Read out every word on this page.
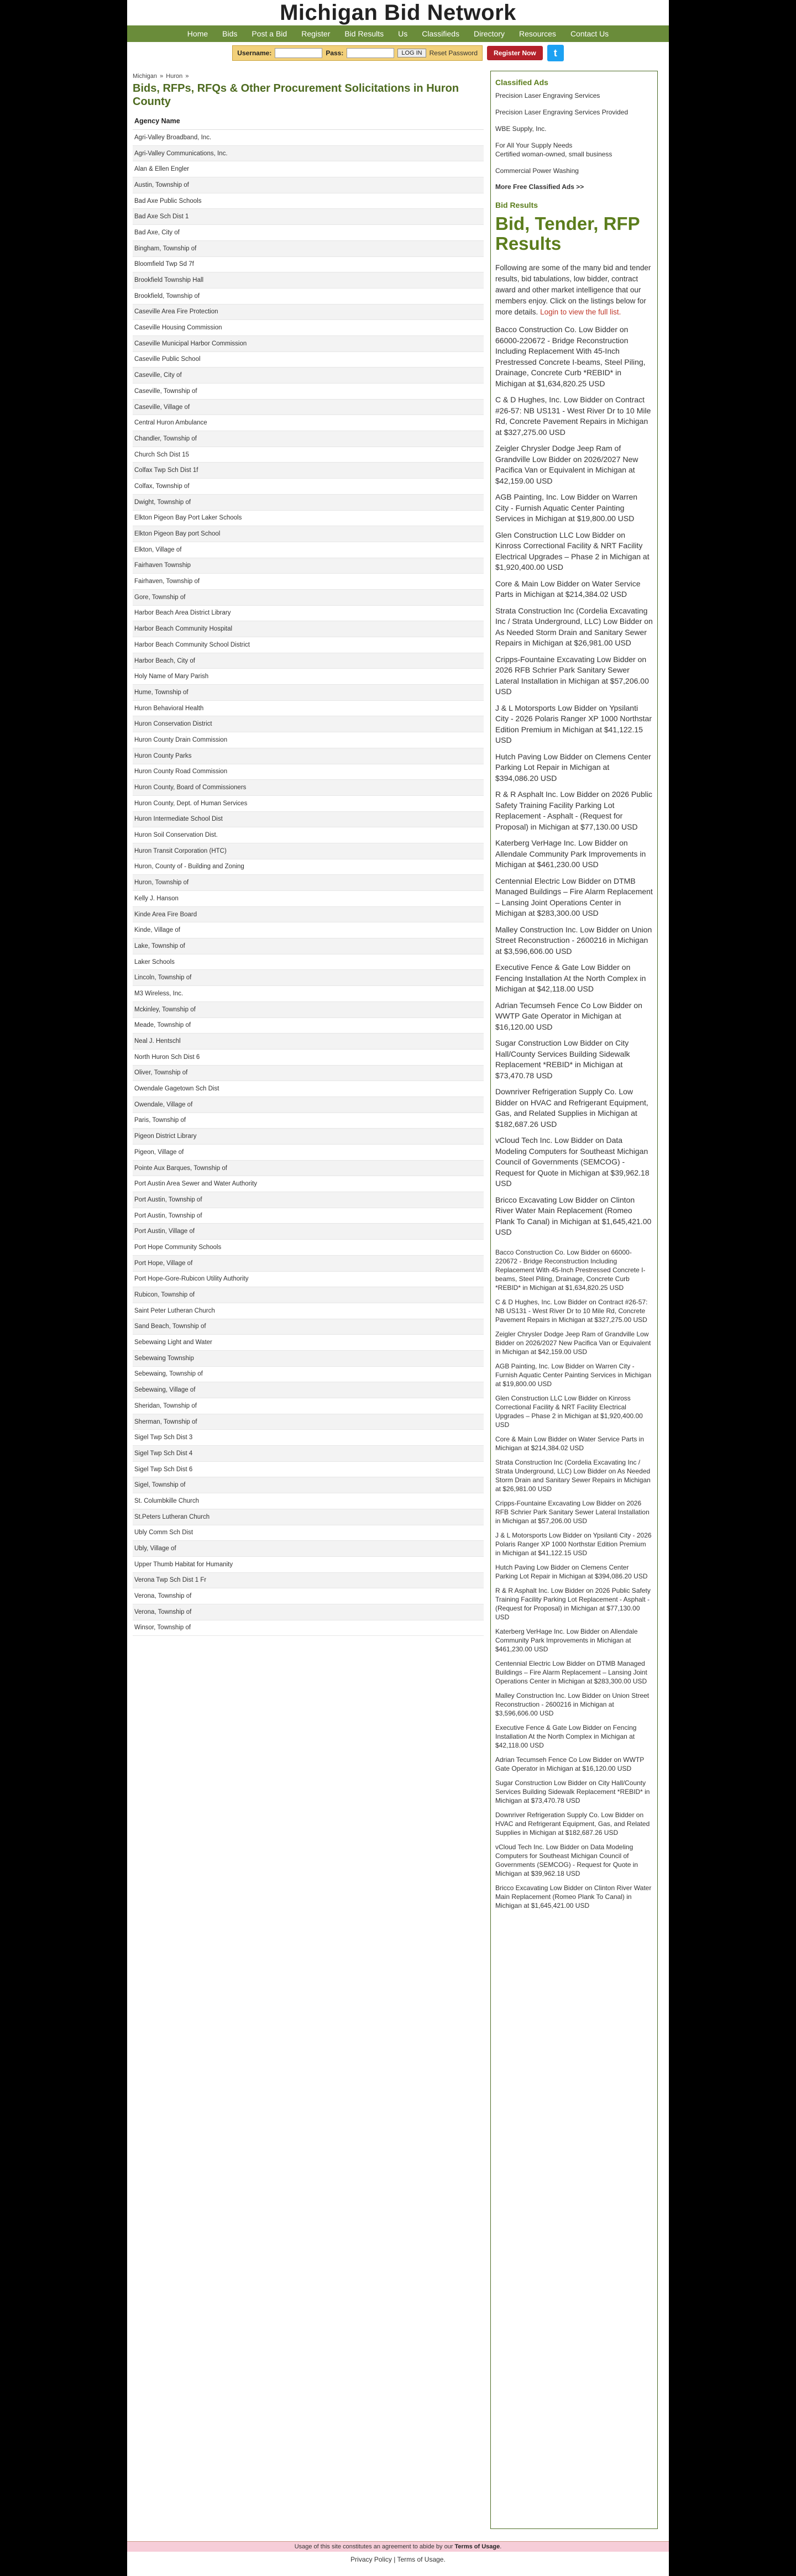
Michigan Bid Network
Home Bids Post a Bid Register Bid Results Us Classifieds Directory Resources Contact Us
Username:	Pass:	LOG IN	Reset Password	Register Now	t
Michigan » Huron »
Bids, RFPs, RFQs & Other Procurement Solicitations in Huron County
Agency Name
Agri-Valley Broadband, Inc.
Agri-Valley Communications, Inc.
Alan & Ellen Engler
Austin, Township of
Bad Axe Public Schools
Bad Axe Sch Dist 1
Bad Axe, City of
Bingham, Township of
Bloomfield Twp Sd 7f
Brookfield Township Hall
Brookfield, Township of
Caseville Area Fire Protection
Caseville Housing Commission
Caseville Municipal Harbor Commission
Caseville Public School
Caseville, City of
Caseville, Township of
Caseville, Village of
Central Huron Ambulance
Chandler, Township of
Church Sch Dist 15
Colfax Twp Sch Dist 1f
Colfax, Township of
Dwight, Township of
Elkton Pigeon Bay Port Laker Schools
Elkton Pigeon Bay port School
Elkton, Village of
Fairhaven Township
Fairhaven, Township of
Gore, Township of
Harbor Beach Area District Library
Harbor Beach Community Hospital
Harbor Beach Community School District
Harbor Beach, City of
Holy Name of Mary Parish
Hume, Township of
Huron Behavioral Health
Huron Conservation District
Huron County Drain Commission
Huron County Parks
Huron County Road Commission
Huron County, Board of Commissioners
Huron County, Dept. of Human Services
Huron Intermediate School Dist
Huron Soil Conservation Dist.
Huron Transit Corporation (HTC)
Huron, County of - Building and Zoning
Huron, Township of
Kelly J. Hanson
Kinde Area Fire Board
Kinde, Village of
Lake, Township of
Laker Schools
Lincoln, Township of
M3 Wireless, Inc.
Mckinley, Township of
Meade, Township of
Neal J. Hentschl
North Huron Sch Dist 6
Oliver, Township of
Owendale Gagetown Sch Dist
Owendale, Village of
Paris, Township of
Pigeon District Library
Pigeon, Village of
Pointe Aux Barques, Township of
Port Austin Area Sewer and Water Authority
Port Austin, Township of
Port Austin, Township of
Port Austin, Village of
Port Hope Community Schools
Port Hope, Village of
Port Hope-Gore-Rubicon Utility Authority
Rubicon, Township of
Saint Peter Lutheran Church
Sand Beach, Township of
Sebewaing Light and Water
Sebewaing Township
Sebewaing, Township of
Sebewaing, Village of
Sheridan, Township of
Sherman, Township of
Sigel Twp Sch Dist 3
Sigel Twp Sch Dist 4
Sigel Twp Sch Dist 6
Sigel, Township of
St. Columbkille Church
St.Peters Lutheran Church
Ubly Comm Sch Dist
Ubly, Village of
Upper Thumb Habitat for Humanity
Verona Twp Sch Dist 1 Fr
Verona, Township of
Verona, Township of
Winsor, Township of
Classified Ads
Precision Laser Engraving Services
Precision Laser Engraving Services Provided
WBE Supply, Inc.
For All Your Supply Needs
Certified woman-owned, small business
Commercial Power Washing
More Free Classified Ads >>
Bid Results
Bid, Tender, RFP Results
Following are some of the many bid and tender results, bid tabulations, low bidder, contract award and other market intelligence that our members enjoy. Click on the listings below for more details. Login to view the full list.
Bacco Construction Co. Low Bidder on 66000-220672 - Bridge Reconstruction Including Replacement With 45-Inch Prestressed Concrete I-beams, Steel Piling, Drainage, Concrete Curb *REBID* in Michigan at $1,634,820.25 USD
C & D Hughes, Inc. Low Bidder on Contract #26-57: NB US131 - West River Dr to 10 Mile Rd, Concrete Pavement Repairs in Michigan at $327,275.00 USD
Zeigler Chrysler Dodge Jeep Ram of Grandville Low Bidder on 2026/2027 New Pacifica Van or Equivalent in Michigan at $42,159.00 USD
AGB Painting, Inc. Low Bidder on Warren City - Furnish Aquatic Center Painting Services in Michigan at $19,800.00 USD
Glen Construction LLC Low Bidder on Kinross Correctional Facility & NRT Facility Electrical Upgrades – Phase 2 in Michigan at $1,920,400.00 USD
Core & Main Low Bidder on Water Service Parts in Michigan at $214,384.02 USD
Strata Construction Inc (Cordelia Excavating Inc / Strata Underground, LLC) Low Bidder on As Needed Storm Drain and Sanitary Sewer Repairs in Michigan at $26,981.00 USD
Cripps-Fountaine Excavating Low Bidder on 2026 RFB Schrier Park Sanitary Sewer Lateral Installation in Michigan at $57,206.00 USD
J & L Motorsports Low Bidder on Ypsilanti City - 2026 Polaris Ranger XP 1000 Northstar Edition Premium in Michigan at $41,122.15 USD
Hutch Paving Low Bidder on Clemens Center Parking Lot Repair in Michigan at $394,086.20 USD
R & R Asphalt Inc. Low Bidder on 2026 Public Safety Training Facility Parking Lot Replacement - Asphalt - (Request for Proposal) in Michigan at $77,130.00 USD
Katerberg VerHage Inc. Low Bidder on Allendale Community Park Improvements in Michigan at $461,230.00 USD
Centennial Electric Low Bidder on DTMB Managed Buildings – Fire Alarm Replacement – Lansing Joint Operations Center in Michigan at $283,300.00 USD
Malley Construction Inc. Low Bidder on Union Street Reconstruction - 2600216 in Michigan at $3,596,606.00 USD
Executive Fence & Gate Low Bidder on Fencing Installation At the North Complex in Michigan at $42,118.00 USD
Adrian Tecumseh Fence Co Low Bidder on WWTP Gate Operator in Michigan at $16,120.00 USD
Sugar Construction Low Bidder on City Hall/County Services Building Sidewalk Replacement *REBID* in Michigan at $73,470.78 USD
Downriver Refrigeration Supply Co. Low Bidder on HVAC and Refrigerant Equipment, Gas, and Related Supplies in Michigan at $182,687.26 USD
vCloud Tech Inc. Low Bidder on Data Modeling Computers for Southeast Michigan Council of Governments (SEMCOG) - Request for Quote in Michigan at $39,962.18 USD
Bricco Excavating Low Bidder on Clinton River Water Main Replacement (Romeo Plank To Canal) in Michigan at $1,645,421.00 USD
Bacco Construction Co. Low Bidder on 66000-220672 - Bridge Reconstruction Including Replacement With 45-Inch Prestressed Concrete I-beams, Steel Piling, Drainage, Concrete Curb *REBID* in Michigan at $1,634,820.25 USD
C & D Hughes, Inc. Low Bidder on Contract #26-57: NB US131 - West River Dr to 10 Mile Rd, Concrete Pavement Repairs in Michigan at $327,275.00 USD
Zeigler Chrysler Dodge Jeep Ram of Grandville Low Bidder on 2026/2027 New Pacifica Van or Equivalent in Michigan at $42,159.00 USD
AGB Painting, Inc. Low Bidder on Warren City - Furnish Aquatic Center Painting Services in Michigan at $19,800.00 USD
Glen Construction LLC Low Bidder on Kinross Correctional Facility & NRT Facility Electrical Upgrades – Phase 2 in Michigan at $1,920,400.00 USD
Core & Main Low Bidder on Water Service Parts in Michigan at $214,384.02 USD
Strata Construction Inc (Cordelia Excavating Inc / Strata Underground, LLC) Low Bidder on As Needed Storm Drain and Sanitary Sewer Repairs in Michigan at $26,981.00 USD
Cripps-Fountaine Excavating Low Bidder on 2026 RFB Schrier Park Sanitary Sewer Lateral Installation in Michigan at $57,206.00 USD
J & L Motorsports Low Bidder on Ypsilanti City - 2026 Polaris Ranger XP 1000 Northstar Edition Premium in Michigan at $41,122.15 USD
Hutch Paving Low Bidder on Clemens Center Parking Lot Repair in Michigan at $394,086.20 USD
R & R Asphalt Inc. Low Bidder on 2026 Public Safety Training Facility Parking Lot Replacement - Asphalt - (Request for Proposal) in Michigan at $77,130.00 USD
Katerberg VerHage Inc. Low Bidder on Allendale Community Park Improvements in Michigan at $461,230.00 USD
Centennial Electric Low Bidder on DTMB Managed Buildings – Fire Alarm Replacement – Lansing Joint Operations Center in Michigan at $283,300.00 USD
Malley Construction Inc. Low Bidder on Union Street Reconstruction - 2600216 in Michigan at $3,596,606.00 USD
Executive Fence & Gate Low Bidder on Fencing Installation At the North Complex in Michigan at $42,118.00 USD
Adrian Tecumseh Fence Co Low Bidder on WWTP Gate Operator in Michigan at $16,120.00 USD
Sugar Construction Low Bidder on City Hall/County Services Building Sidewalk Replacement *REBID* in Michigan at $73,470.78 USD
Downriver Refrigeration Supply Co. Low Bidder on HVAC and Refrigerant Equipment, Gas, and Related Supplies in Michigan at $182,687.26 USD
vCloud Tech Inc. Low Bidder on Data Modeling Computers for Southeast Michigan Council of Governments (SEMCOG) - Request for Quote in Michigan at $39,962.18 USD
Bricco Excavating Low Bidder on Clinton River Water Main Replacement (Romeo Plank To Canal) in Michigan at $1,645,421.00 USD
Usage of this site constitutes an agreement to abide by our Terms of Usage.
Privacy Policy | Terms of Usage.
